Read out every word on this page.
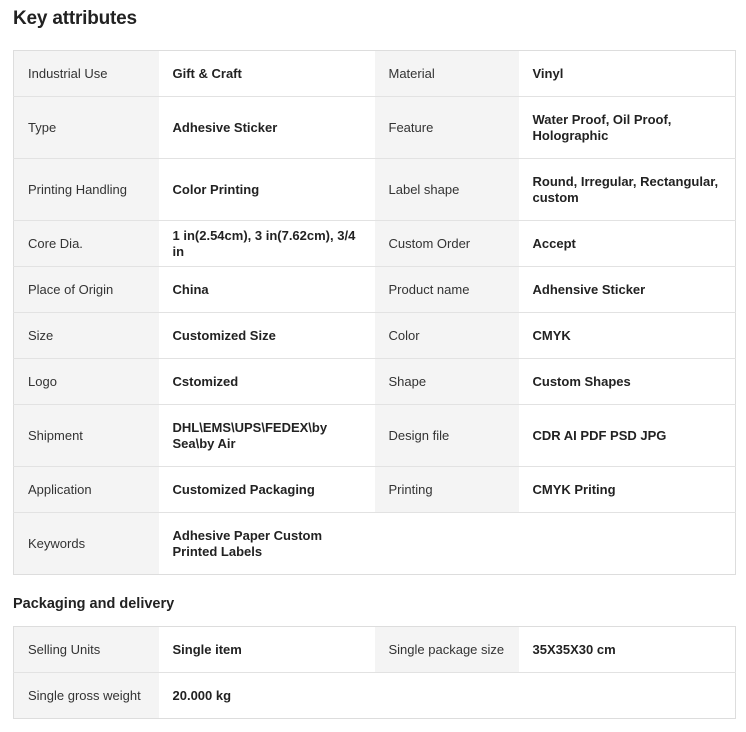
Key attributes
Industrial Use	Gift & Craft	Material	Vinyl
Type	Adhesive Sticker	Feature	Water Proof, Oil Proof, Holographic
Printing Handling	Color Printing	Label shape	Round, Irregular, Rectangular, custom
Core Dia.	1 in(2.54cm), 3 in(7.62cm), 3/4 in	Custom Order	Accept
Place of Origin	China	Product name	Adhensive Sticker
Size	Customized Size	Color	CMYK
Logo	Cstomized	Shape	Custom Shapes
Shipment	DHL\EMS\UPS\FEDEX\by Sea\by Air	Design file	CDR AI PDF PSD JPG
Application	Customized Packaging	Printing	CMYK Priting
Keywords	Adhesive Paper Custom Printed Labels		
Packaging and delivery
Selling Units	Single item	Single package size	35X35X30 cm
Single gross weight	20.000 kg		
